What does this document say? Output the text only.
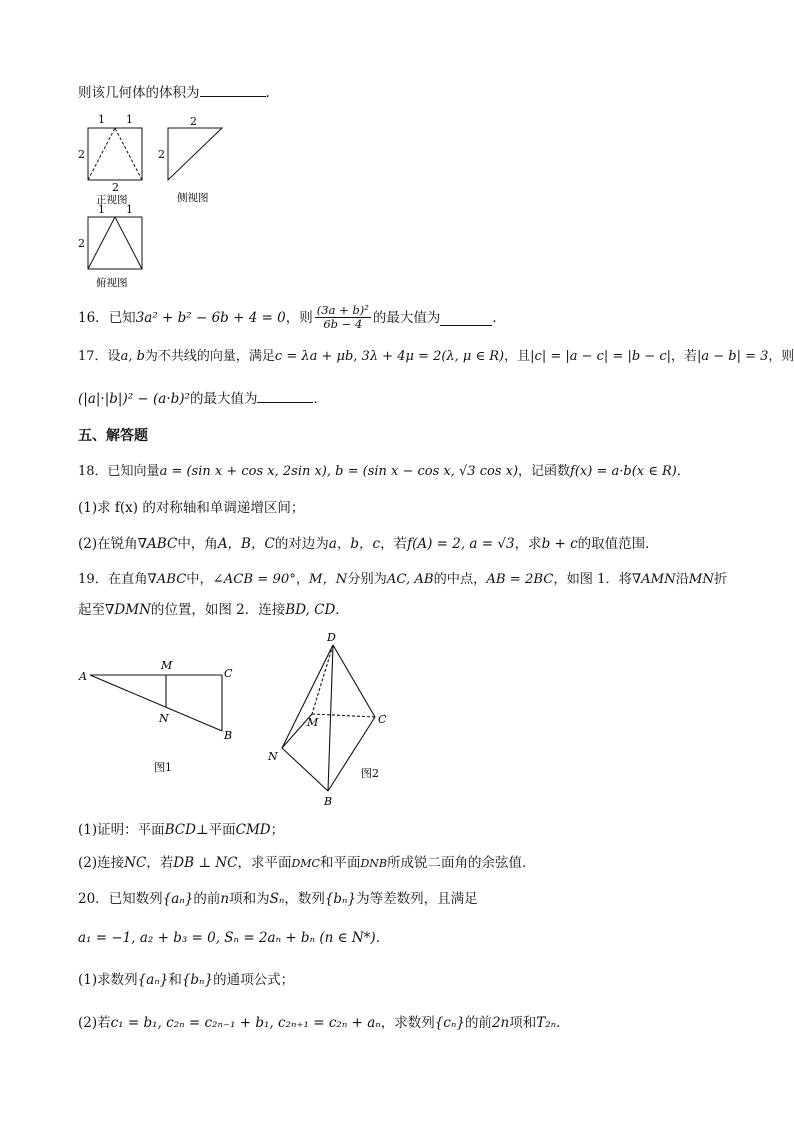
则该几何体的体积为	.
1 1
2
2
正视图
2
2
侧视图
1 1
2
俯视图
16． 已知 3a² + b² − 6b + 4 = 0 ，则 $\frac{\text{(3a + b)²}}{6b - 4}$ 的最大值为	．
17．设a, b为不共线的向量，满足c = λa + μb, 3λ + 4μ = 2(λ, μ ∈ R)，且|c| = |a − c| = |b − c|，若|a − b| = 3，则
(|a|·|b|)² − (a·b)²的最大值为	．
五、解答题
18．已知向量a = (sin x + cos x, 2sin x), b = (sin x − cos x, √3 cos x)，记函数f(x) = a·b(x ∈ R)．
(1)求 f(x) 的对称轴和单调递增区间；
(2)在锐角∇ABC中，角A，B，C的对边为a，b，c，若f(A) = 2, a = √3，求b + c的取值范围．
19．在直角∇ABC中，∠ACB = 90°，M，N分别为AC, AB的中点，AB = 2BC，如图 1．将∇AMN沿MN折
起至∇DMN的位置，如图 2．连接BD, CD．
A
M
C
N
B
图1
D
M	C
N
B
图2
(1)证明：平面BCD⊥平面CMD；
(2)连接NC，若DB ⊥ NC，求平面DMC和平面DNB所成锐二面角的余弦值．
20．已知数列{aₙ}的前n项和为Sₙ，数列{bₙ}为等差数列，且满足
a₁ = −1, a₂ + b₃ = 0, Sₙ = 2aₙ + bₙ (n ∈ N*)．
(1)求数列{aₙ}和{bₙ}的通项公式；
(2)若c₁ = b₁, c₂ₙ = c₂ₙ₋₁ + b₁, c₂ₙ₊₁ = c₂ₙ + aₙ，求数列{cₙ}的前2n项和T₂ₙ．
